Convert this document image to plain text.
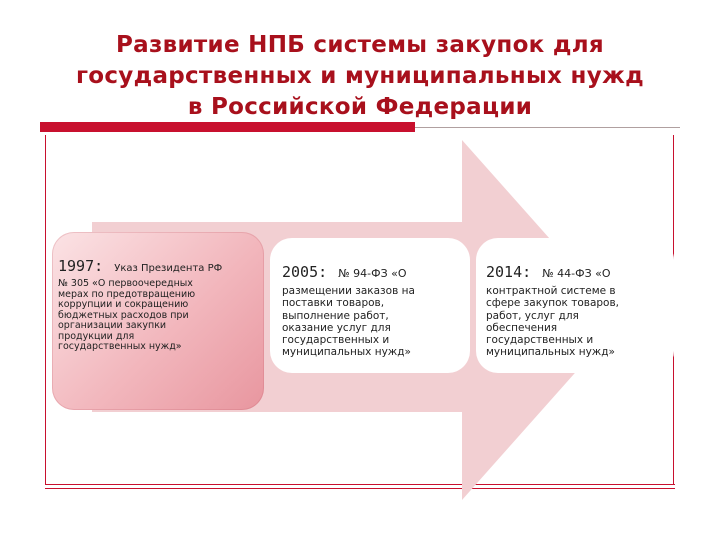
Развитие НПБ системы закупок для
государственных и муниципальных нужд
в Российской Федерации
1997: Указ Президента РФ
№ 305 «О первоочередных
мерах по предотвращению
коррупции и сокращению
бюджетных расходов при
организации закупки
продукции для
государственных нужд»
2005: № 94-ФЗ «О
размещении заказов на
поставки товаров,
выполнение работ,
оказание услуг для
государственных и
муниципальных нужд»
2014: № 44-ФЗ «О
контрактной системе в
сфере закупок товаров,
работ, услуг для
обеспечения
государственных и
муниципальных нужд»
